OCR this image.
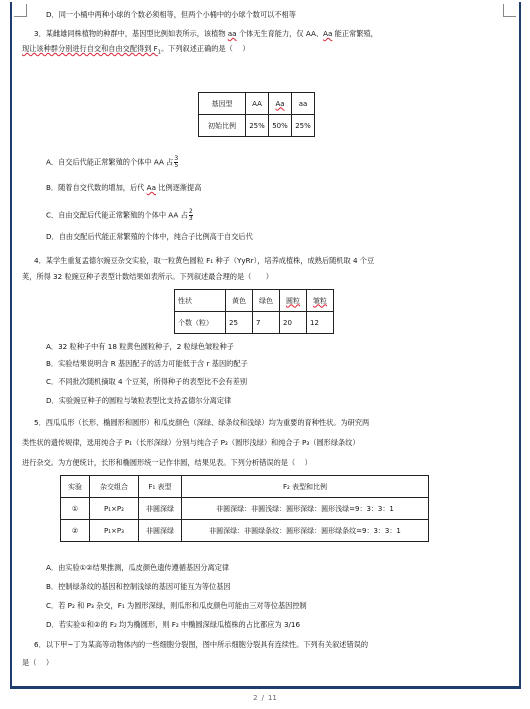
D．同一小桶中两种小球的个数必须相等，但两个小桶中的小球个数可以不相等
3．某雌雄同株植物的种群中，基因型比例如表所示，该植物 aa 个体无生育能力，仅 AA、Aa 能正常繁殖，
现让该种群分别进行自交和自由交配得到 $F_1$。下列叙述正确的是（　 ）
基因型	AA	Aa	aa
初始比例	25%	50%	25%
A．自交后代能正常繁殖的个体中 AA 占 $\frac{3}{5}$
B．随着自交代数的增加，后代 Aa 比例逐渐提高
C．自由交配后代能正常繁殖的个体中 AA 占 $\frac{2}{3}$
D．自由交配后代能正常繁殖的个体中，纯合子比例高于自交后代
4．某学生重复孟德尔豌豆杂交实验，取一粒黄色圆粒 F₁ 种子（YyRr），培养成植株，成熟后随机取 4 个豆
荚，所得 32 粒豌豆种子表型计数结果如表所示。下列叙述最合理的是（　　）
性状	黄色	绿色	圆粒	皱粒
个数（粒）	25	7	20	12
A．32 粒种子中有 18 粒黄色圆粒种子，2 粒绿色皱粒种子
B．实验结果说明含 R 基因配子的活力可能低于含 r 基因的配子
C．不同批次随机摘取 4 个豆荚，所得种子的表型比不会有差别
D．实验豌豆种子的圆粒与皱粒表型比支持孟德尔分离定律
5．西瓜瓜形（长形、椭圆形和圆形）和瓜皮颜色（深绿、绿条纹和浅绿）均为重要的育种性状。为研究两
类性状的遗传规律，选用纯合子 P₁（长形深绿）分别与纯合子 P₂（圆形浅绿）和纯合子 P₃（圆形绿条纹）
进行杂交。为方便统计，长形和椭圆形统一记作非圆，结果见表。下列分析错误的是（　 ）
实验	杂交组合	F₁ 表型	F₂ 表型和比例
①	P₁×P₂	非圆深绿	非圆深绿：非圆浅绿：圆形深绿：圆形浅绿=9：3：3：1
②	P₁×P₃	非圆深绿	非圆深绿：非圆绿条纹：圆形深绿：圆形绿条纹=9：3：3：1
A．由实验①②结果推测，瓜皮颜色遗传遵循基因分离定律
B．控制绿条纹的基因和控制浅绿的基因可能互为等位基因
C．若 P₂ 和 P₃ 杂交，F₁ 为圆形深绿，则瓜形和瓜皮颜色可能由三对等位基因控制
D．若实验①和②的 F₂ 均为椭圆形，则 F₂ 中椭圆深绿瓜植株的占比都应为 3/16
6．以下甲~丁为某高等动物体内的一些细胞分裂图，图中所示细胞分裂具有连续性。下列有关叙述错误的
是（　 ）
2 / 11
